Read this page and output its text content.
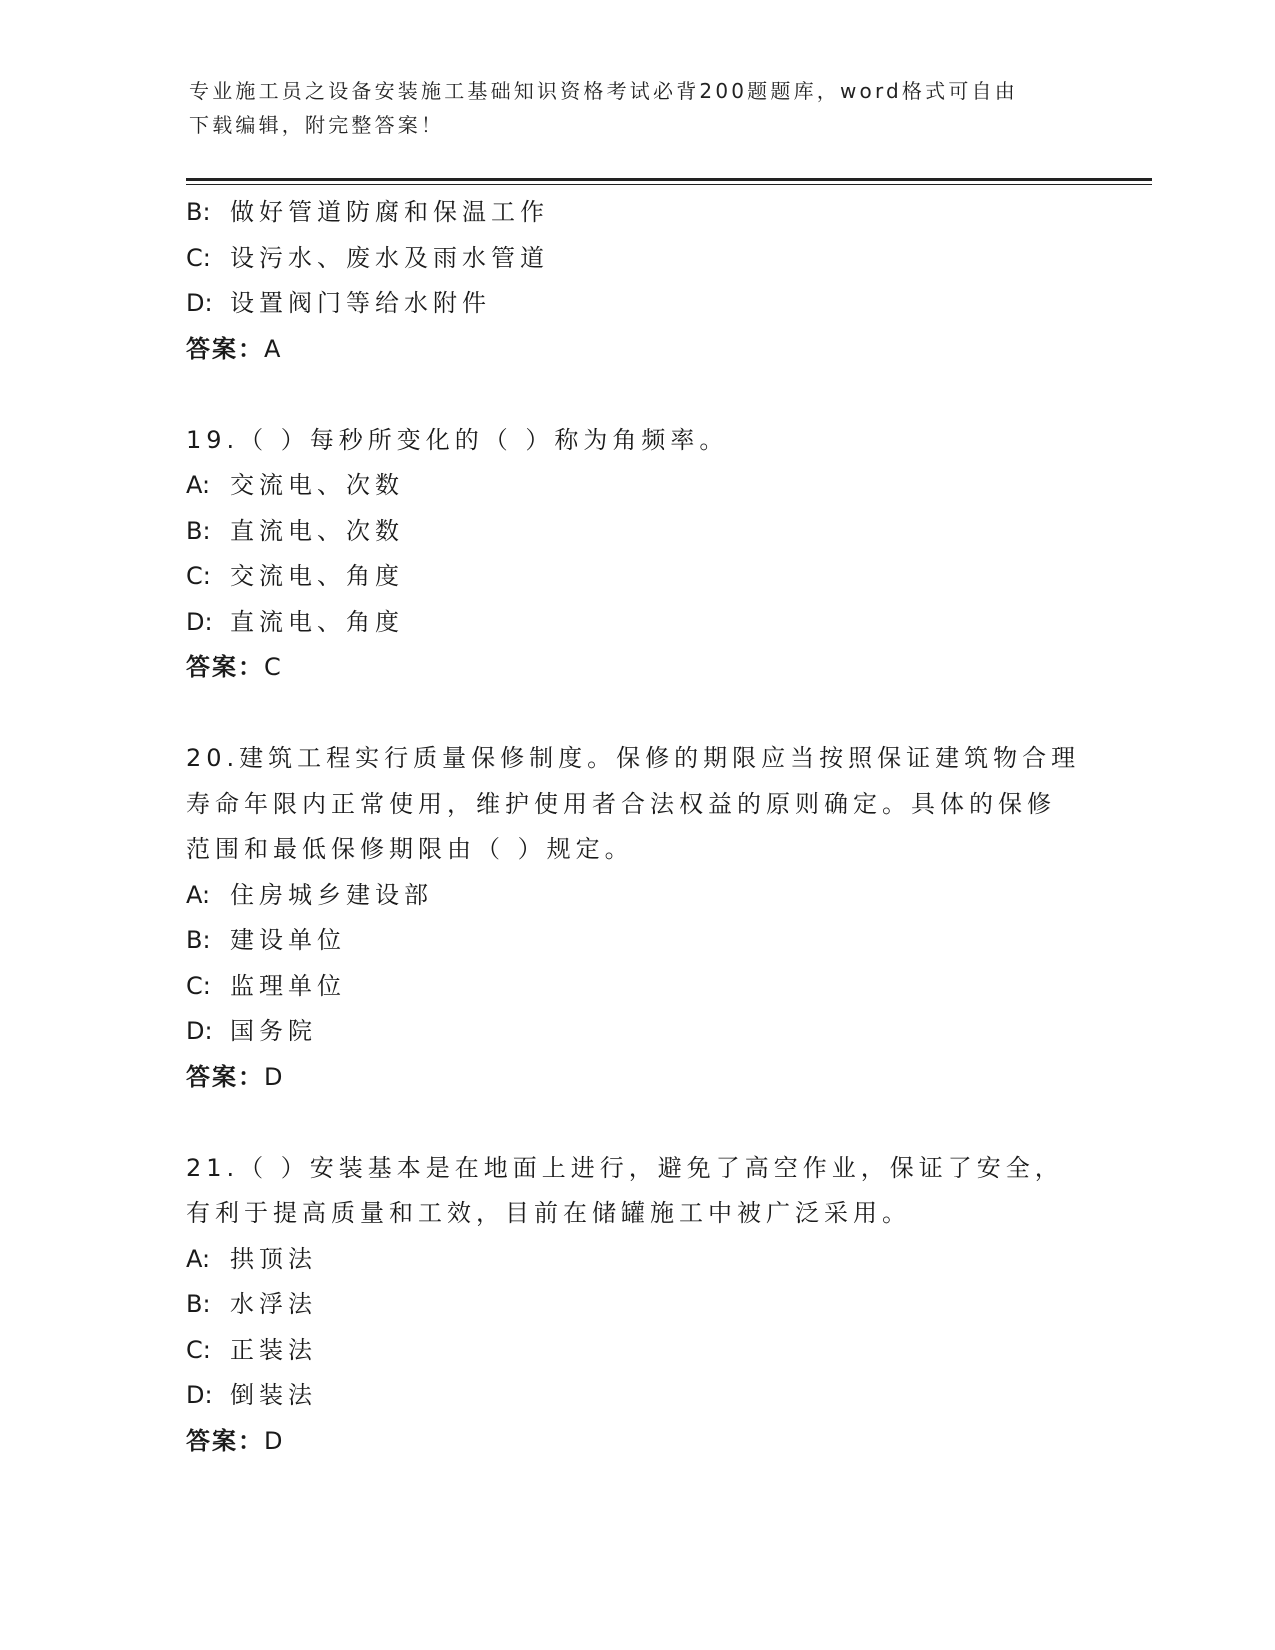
专业施工员之设备安装施工基础知识资格考试必背200题题库，word格式可自由
下载编辑，附完整答案！
B: 做好管道防腐和保温工作
C: 设污水、废水及雨水管道
D: 设置阀门等给水附件
答案：A
19.（ ）每秒所变化的（ ）称为角频率。
A: 交流电、次数
B: 直流电、次数
C: 交流电、角度
D: 直流电、角度
答案：C
20.建筑工程实行质量保修制度。保修的期限应当按照保证建筑物合理
寿命年限内正常使用，维护使用者合法权益的原则确定。具体的保修
范围和最低保修期限由（ ）规定。
A: 住房城乡建设部
B: 建设单位
C: 监理单位
D: 国务院
答案：D
21.（ ）安装基本是在地面上进行，避免了高空作业，保证了安全，
有利于提高质量和工效，目前在储罐施工中被广泛采用。
A: 拱顶法
B: 水浮法
C: 正装法
D: 倒装法
答案：D
